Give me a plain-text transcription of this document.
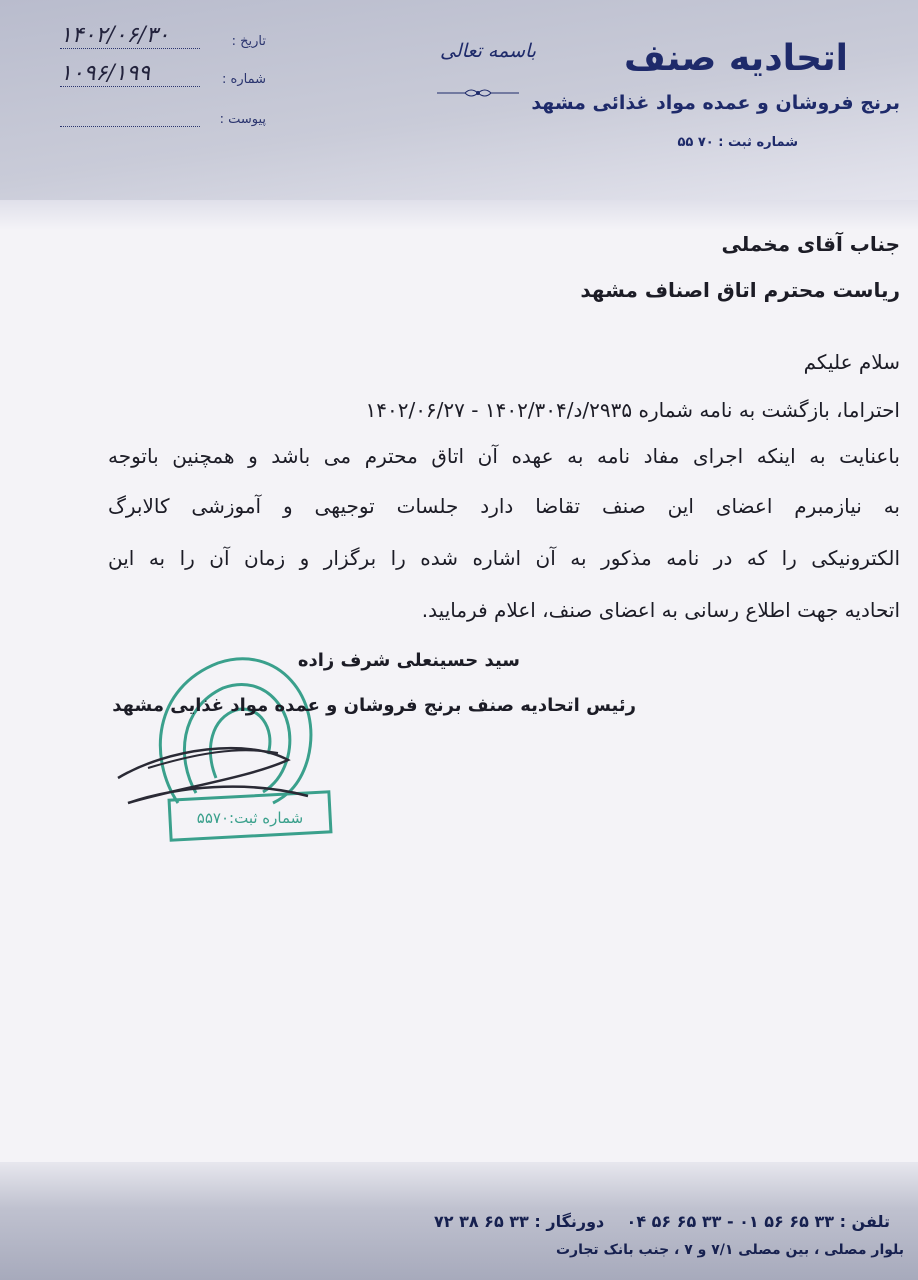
اتحادیه صنف
برنج فروشان و عمده مواد غذائی مشهد
شماره ثبت : ۷۰ ۵۵
باسمه تعالی
۱۴۰۲/۰۶/۳۰	تاریخ :
۱۰۹۶/۱۹۹	شماره :
پیوست :
جناب آقای مخملی
ریاست محترم اتاق اصناف مشهد
سلام علیکم
احتراما، بازگشت به نامه شماره ۲۹۳۵/د/۱۴۰۲/۳۰۴ - ۱۴۰۲/۰۶/۲۷
باعنایت به اینکه اجرای مفاد نامه به عهده آن اتاق محترم می باشد و همچنین باتوجه
به نیازمبرم اعضای این صنف تقاضا دارد جلسات توجیهی و آموزشی کالابرگ
الکترونیکی را که در نامه مذکور به آن اشاره شده را برگزار و زمان آن را به این
اتحادیه جهت اطلاع رسانی به اعضای صنف، اعلام فرمایید.
شماره ثبت:۵۵۷۰
سید حسینعلی شرف زاده
رئیس اتحادیه صنف برنج فروشان و عمده مواد غذایی مشهد
تلفن : ۰۴ ۵۶ ۶۵ ۳۳ - ۰۱ ۵۶ ۶۵ ۳۳    دورنگار : ۷۲ ۳۸ ۶۵ ۳۳
بلوار مصلی ، بین مصلی ۷/۱ و ۷ ، جنب بانک تجارت
